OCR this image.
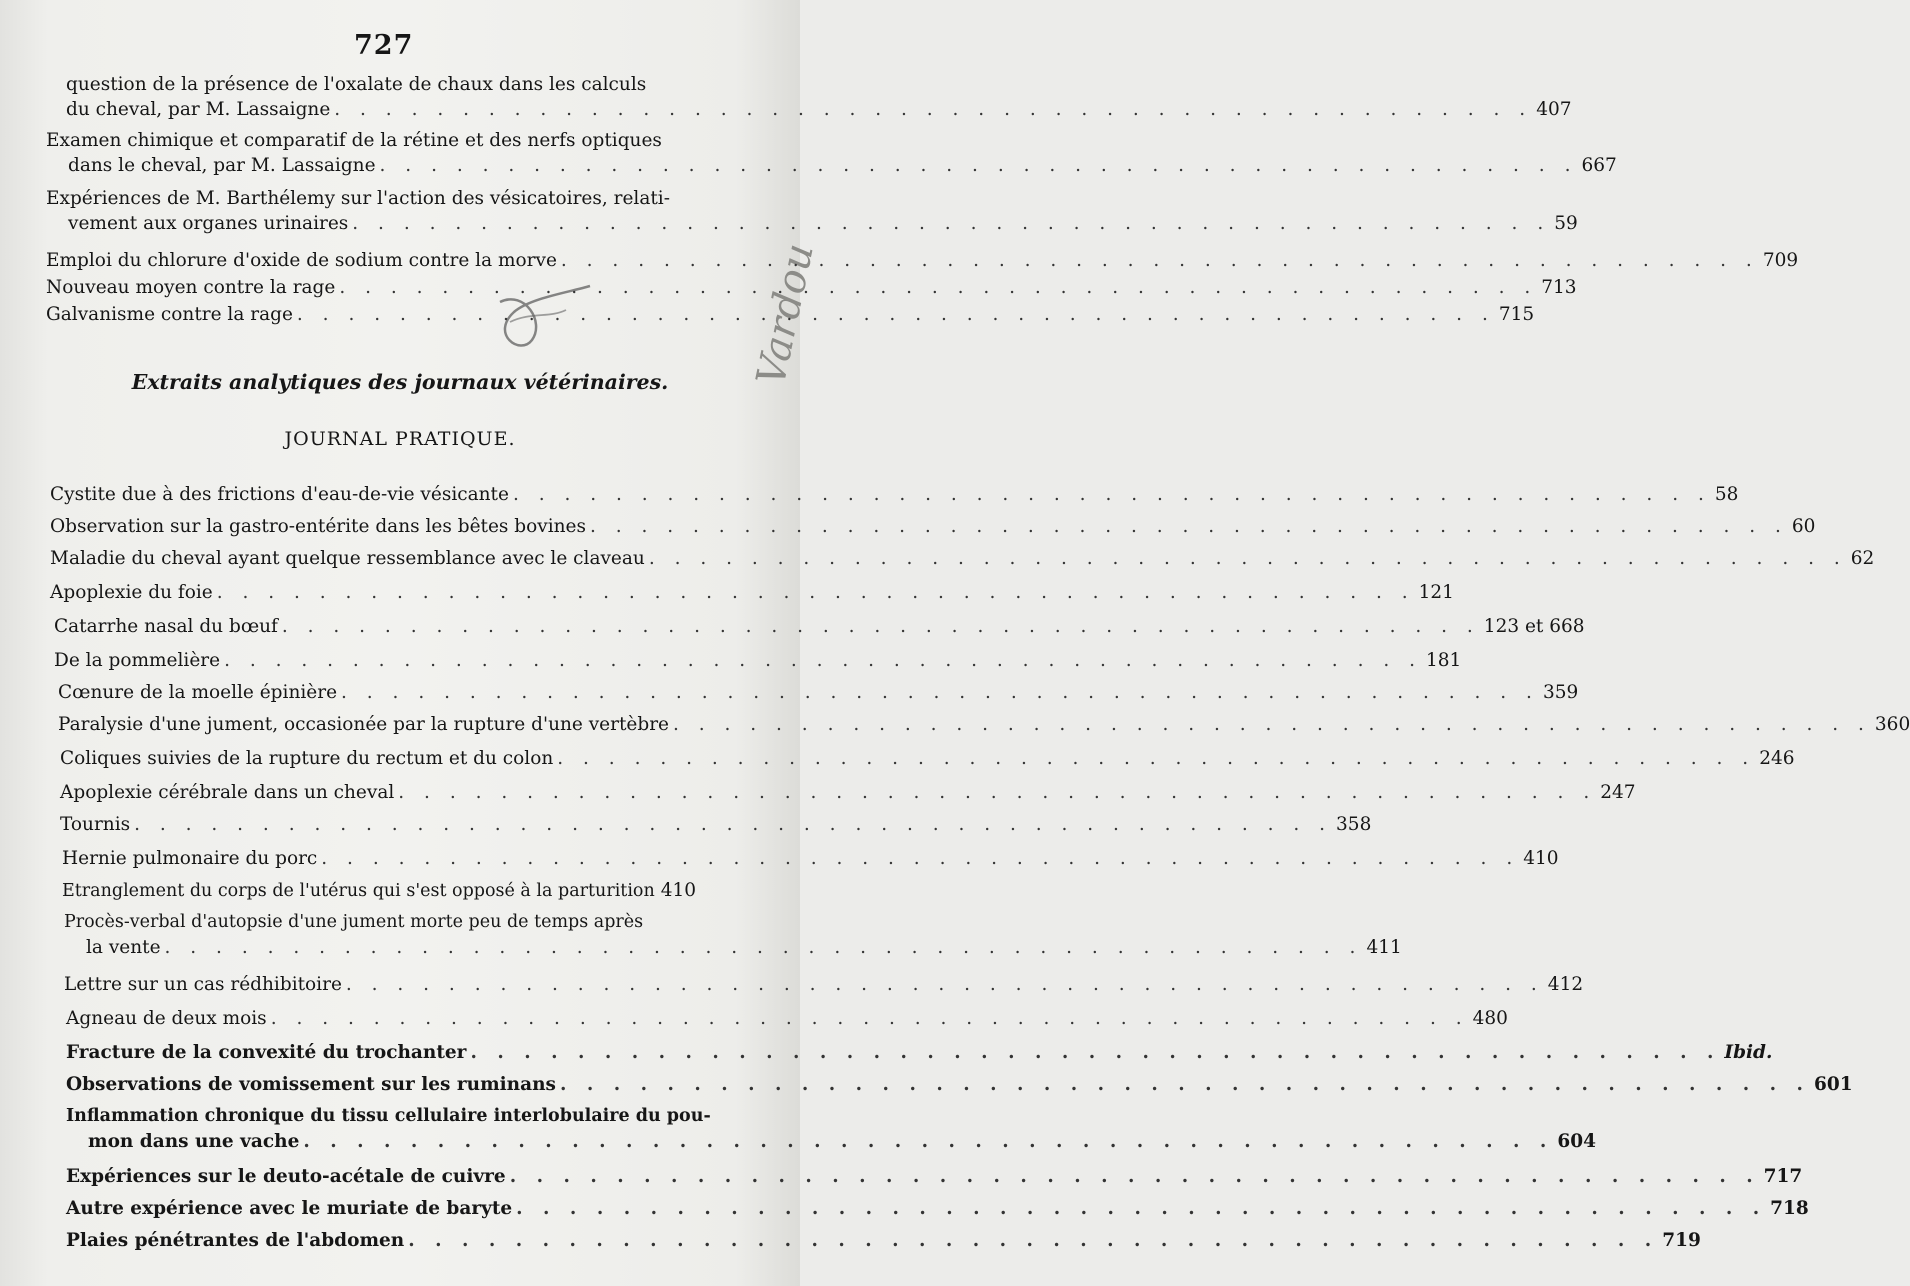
727
Vardou
question de la présence de l'oxalate de chaux dans les calculs
du cheval, par M. Lassaigne . . . . . . . . . . . . . . . . . . . . . . . . . . . . . . . . . . . . . . . . . . . . . . . 407
Examen chimique et comparatif de la rétine et des nerfs optiques
dans le cheval, par M. Lassaigne . . . . . . . . . . . . . . . . . . . . . . . . . . . . . . . . . . . . . . . . . . . . . . . 667
Expériences de M. Barthélemy sur l'action des vésicatoires, relati-
vement aux organes urinaires . . . . . . . . . . . . . . . . . . . . . . . . . . . . . . . . . . . . . . . . . . . . . . . 59
Emploi du chlorure d'oxide de sodium contre la morve . . . . . . . . . . . . . . . . . . . . . . . . . . . . . . . . . . . . . . . . . . . . . . . 709
Nouveau moyen contre la rage . . . . . . . . . . . . . . . . . . . . . . . . . . . . . . . . . . . . . . . . . . . . . . . 713
Galvanisme contre la rage . . . . . . . . . . . . . . . . . . . . . . . . . . . . . . . . . . . . . . . . . . . . . . . 715
Extraits analytiques des journaux vétérinaires.
JOURNAL PRATIQUE.
Cystite due à des frictions d'eau-de-vie vésicante . . . . . . . . . . . . . . . . . . . . . . . . . . . . . . . . . . . . . . . . . . . . . . . 58
Observation sur la gastro-entérite dans les bêtes bovines . . . . . . . . . . . . . . . . . . . . . . . . . . . . . . . . . . . . . . . . . . . . . . . 60
Maladie du cheval ayant quelque ressemblance avec le claveau . . . . . . . . . . . . . . . . . . . . . . . . . . . . . . . . . . . . . . . . . . . . . . . 62
Apoplexie du foie . . . . . . . . . . . . . . . . . . . . . . . . . . . . . . . . . . . . . . . . . . . . . . . 121
Catarrhe nasal du bœuf . . . . . . . . . . . . . . . . . . . . . . . . . . . . . . . . . . . . . . . . . . . . . . . 123 et 668
De la pommelière . . . . . . . . . . . . . . . . . . . . . . . . . . . . . . . . . . . . . . . . . . . . . . . 181
Cœnure de la moelle épinière . . . . . . . . . . . . . . . . . . . . . . . . . . . . . . . . . . . . . . . . . . . . . . . 359
Paralysie d'une jument, occasionée par la rupture d'une vertèbre . . . . . . . . . . . . . . . . . . . . . . . . . . . . . . . . . . . . . . . . . . . . . . . 360
Coliques suivies de la rupture du rectum et du colon . . . . . . . . . . . . . . . . . . . . . . . . . . . . . . . . . . . . . . . . . . . . . . . 246
Apoplexie cérébrale dans un cheval . . . . . . . . . . . . . . . . . . . . . . . . . . . . . . . . . . . . . . . . . . . . . . . 247
Tournis . . . . . . . . . . . . . . . . . . . . . . . . . . . . . . . . . . . . . . . . . . . . . . . 358
Hernie pulmonaire du porc . . . . . . . . . . . . . . . . . . . . . . . . . . . . . . . . . . . . . . . . . . . . . . . 410
Etranglement du corps de l'utérus qui s'est opposé à la parturition 410
Procès-verbal d'autopsie d'une jument morte peu de temps après
la vente . . . . . . . . . . . . . . . . . . . . . . . . . . . . . . . . . . . . . . . . . . . . . . . 411
Lettre sur un cas rédhibitoire . . . . . . . . . . . . . . . . . . . . . . . . . . . . . . . . . . . . . . . . . . . . . . . 412
Agneau de deux mois . . . . . . . . . . . . . . . . . . . . . . . . . . . . . . . . . . . . . . . . . . . . . . . 480
Fracture de la convexité du trochanter . . . . . . . . . . . . . . . . . . . . . . . . . . . . . . . . . . . . . . . . . . . . . . . Ibid.
Observations de vomissement sur les ruminans . . . . . . . . . . . . . . . . . . . . . . . . . . . . . . . . . . . . . . . . . . . . . . . 601
Inflammation chronique du tissu cellulaire interlobulaire du pou-
mon dans une vache . . . . . . . . . . . . . . . . . . . . . . . . . . . . . . . . . . . . . . . . . . . . . . . 604
Expériences sur le deuto-acétale de cuivre . . . . . . . . . . . . . . . . . . . . . . . . . . . . . . . . . . . . . . . . . . . . . . . 717
Autre expérience avec le muriate de baryte . . . . . . . . . . . . . . . . . . . . . . . . . . . . . . . . . . . . . . . . . . . . . . . 718
Plaies pénétrantes de l'abdomen . . . . . . . . . . . . . . . . . . . . . . . . . . . . . . . . . . . . . . . . . . . . . . . 719
